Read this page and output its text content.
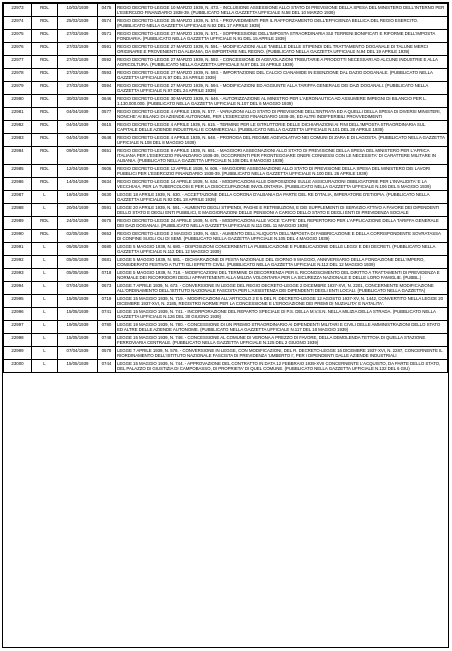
22973	RDL	10/03/1939	0475	REGIO DECRETO-LEGGE 10 MARZO 1939, N. 473. - INCLUSIONE ASSESSIONE ALLO STATO DI PREVISIONE DELLA SPESA DEL MINISTERO DELL'INTERNO PER L'ESERCIZIO FINANZIARIO 1938-39. (PUBBLICATO NELLA GAZZETTA UFFICIALE N.58 DEL 10 MARZO 1939)
22974	RDL	25/03/1939	0574	REGIO DECRETO-LEGGE 25 MARZO 1939, N. 574. - PROVVEDIMENTI PER IL RAFFORZAMENTO DELL'EFFICIENZA BELLICA DEL REGIO ESERCITO. (PUBBLICATO NELLA GAZZETTA UFFICIALE N.92 DEL 17 APRILE 1939)
22975	RDL	27/03/1939	0571	REGIO DECRETO-LEGGE 27 MARZO 1939, N. 571. - SOPPRESSIONE DELL'IMPOSTA STRAORDINARIA SUI TERRENI BONIFICATI E RIFORME DELL'IMPOSTA FONDIARIA. (PUBBLICATO NELLA GAZZETTA UFFICIALE N.91 DEL 15 APRILE 1939)
22976	RDL	27/03/1939	0591	REGIO DECRETO-LEGGE 27 MARZO 1939, N. 591. - MODIFICAZIONI ALLE TABELLE DELLE STIPENDI DEL TRATTAMENTO DOGANALE DI TALUNE MERCI ORIGINARIE E PROVENIENTI DA ALBANIA, DA IMPORTARE NEL REGNO. (PUBBLICATO NELLA GAZZETTA UFFICIALE N.94 DEL 19 APRILE 1939)
22977	RDL	27/03/1939	0592	REGIO DECRETO-LEGGE 27 MARZO 1939, N. 592. - CONCESSIONE DI AGEVOLAZIONI TRIBUTARIE A PRODOTTI NECESSARI AD ALCUNE INDUSTRIE E ALLA AGRICOLTURA. (PUBBLICATO NELLA GAZZETTA UFFICIALE N.97 DEL 24 APRILE 1939)
22978	RDL	27/03/1939	0593	REGIO DECRETO-LEGGE 27 MARZO 1939, N. 593. - IMPORTAZIONE DEL CALCIO CIANAMIDE IN ESENZIONE DAL DAZIO DOGANALE. (PUBBLICATO NELLA GAZZETTA UFFICIALE N.97 DEL 24 APRILE 1939)
22979	RDL	27/03/1939	0594	REGIO DECRETO-LEGGE 27 MARZO 1939, N. 594. - MODIFICAZIONI ED AGGIUNTE ALLA TARIFFA GENERALE DEI DAZI DOGANALI. (PUBBLICATO NELLA GAZZETTA UFFICIALE N.97 DEL 24 APRILE 1939)
22980	RDL	30/03/1939	0646	REGIO DECRETO-LEGGE 30 MARZO 1939, N. 646. - AUTORIZZAZIONE AL MINISTRO PER L'AERONAUTICA AD ASSUMERE IMPEGNI DI BILANCIO PER L. 1.130.000.000. (PUBBLICATO NELLA GAZZETTA UFFICIALE N.107 DEL 6 MAGGIO 1939)
22981	RDL	04/04/1939	0577	REGIO DECRETO-LEGGE 4 APRILE 1939, N. 577. - VARIAZIONI ALLO STATO DI PREVISIONE DELL'ENTRATA ED A QUELLI DELLA SPESA DI DIVERSI MINISTERI, NONCHE' AI BILANCI DI AZIENDE AUTONOME, PER L'ESERCIZIO FINANZIARIO 1938-39, ED ALTRI INDIFFERIBILI PROVVEDIMENTI
22982	RDL	04/04/1939	0615	REGIO DECRETO-LEGGE 4 APRILE 1939, N. 615. - TERMINE PER LE ISTRUTTORIE DELLE DICHIARAZIONI AI FINI DELL'IMPOSTA STRAORDINARIA SUL CAPITALE DELLE AZIENDE INDUSTRIALI E COMMERCIALI. (PUBBLICATO NELLA GAZZETTA UFFICIALE N.101 DEL 28 APRILE 1939)
22983	RDL	04/04/1939	0648	REGIO DECRETO-LEGGE 4 APRILE 1939, N. 648. - PROROGA DEL REGIME AGEVOLATIVO NEI COMUNI DI ZARA E DI LAGOSTA. (PUBBLICATO NELLA GAZZETTA UFFICIALE N.108 DEL 8 MAGGIO 1939)
22984	RDL	09/04/1939	0651	REGIO DECRETO-LEGGE 9 APRILE 1939, N. 651. - MAGGIORI ASSEGNAZIONI ALLO STATO DI PREVISIONE DELLA SPESA DEL MINISTERO PER L'AFRICA ITALIANA PER L'ESERCIZIO FINANZIARIO 1938-39, OCCORRENTI PER FRONTEGGIARE ONERI CONNESSI CON LE NECESSITA' DI CARATTERE MILITARE IN ALBANIA. (PUBBLICATO NELLA GAZZETTA UFFICIALE N.108 DEL 8 MAGGIO 1939)
22985	RDL	12/04/1939	0606	REGIO DECRETO-LEGGE 12 APRILE 1939, N. 606. - MAGGIORE ASSEGNAZIONE ALLO STATO DI PREVISIONE DELLA SPESA DEL MINISTERO DEI LAVORI PUBBLICI PER L'ESERCIZIO FINANZIARIO 1938-39. (PUBBLICATO NELLA GAZZETTA UFFICIALE N.100 DEL 26 APRILE 1939)
22986	RDL	14/04/1939	0634	REGIO DECRETO-LEGGE 14 APRILE 1939, N. 634. - MODIFICAZIONI ALLE DISPOSIZIONI SULLE ASSICURAZIONI OBBLIGATORIE PER L'INVALIDITA' E LA VECCHIAIA, PER LA TUBERCOLOSI E PER LA DISOCCUPAZIONE INVOLONTARIA. (PUBBLICATO NELLA GAZZETTA UFFICIALE N.106 DEL 5 MAGGIO 1939)
22987	L	18/04/1939	0630	LEGGE 18 APRILE 1939, N. 630. - ACCETTAZIONE DELLA CORONA D'ALBANIA DA PARTE DEL RE D'ITALIA, IMPERATORE D'ETIOPIA. (PUBBLICATO NELLA GAZZETTA UFFICIALE N.92 DEL 18 APRILE 1939)
22988	L	20/04/1939	0591	LEGGE 20 APRILE 1939, N. 591. - AUMENTO DEGLI STIPENDI, PAGHE E RETRIBUZIONI, E DEI SUPPLEMENTI DI SERVIZIO ATTIVO A FAVORE DEI DIPENDENTI DELLO STATO E DEGLI ENTI PUBBLICI, E MAGGIORAZIONI DELLE PENSIONI A CARICO DELLO STATO E DEGLI ENTI DI PREVIDENZA SOCIALE
22989	RDL	24/04/1939	0675	REGIO DECRETO-LEGGE 24 APRILE 1939, N. 675. - MODIFICAZIONI ALLE VOCE 'CAFFE' DEL REPERTORIO PER L'APPLICAZIONE DELLA TARIFFA GENERALE DEI DAZI DOGANALI. (PUBBLICATO NELLA GAZZETTA UFFICIALE N.111 DEL 11 MAGGIO 1939)
22990	RDL	02/05/1939	0653	REGIO DECRETO-LEGGE 2 MAGGIO 1939, N. 653. - AUMENTO DELL'ALIQUOTA DELL'IMPOSTA DI FABBRICAZIONE E DELLA CORRISPONDENTE SOVRATASSA DI CONFINE SUGLI OLI DI SEMI. (PUBBLICATO NELLA GAZZETTA UFFICIALE N.105 DEL 4 MAGGIO 1939)
22991	L	05/05/1939	0680	LEGGE 5 MAGGIO 1939, N. 680. - DISPOSIZIONI CONCERNENTI LA PUBBLICAZIONE E PUBBLICAZIONE DELLE LEGGI E DEI DECRETI. (PUBBLICATO NELLA GAZZETTA UFFICIALE N.112 DEL 12 MAGGIO 1939)
22992	L	05/05/1939	0681	LEGGE 5 MAGGIO 1939, N. 681. - DICHIARAZIONE DI FESTA NAZIONALE DEL GIORNO 9 MAGGIO, ANNIVERSARIO DELLA FONDAZIONE DELL'IMPERO, CONSIDERATO FESTIVO A TUTTI GLI EFFETTI CIVILI. (PUBBLICATO NELLA GAZZETTA UFFICIALE N.112 DEL 12 MAGGIO 1939)
22993	L	05/05/1939	0718	LEGGE 5 MAGGIO 1939, N. 718. - MODIFICAZIONI DEL TERMINE DI DECORRENZA PER IL RICONOSCIMENTO DEL DIRITTO A TRATTAMENTI DI PREVIDENZA E NORMALE DEI RICORRIDORI DEGLI APPARTENENTI ALLA MILIZIA VOLONTARIA PER LA SICUREZZA NAZIONALE E DELLE LORO FAMIGLIE. (PUBBL.)
22994	L	07/04/1939	0673	LEGGE 7 APRILE 1939, N. 673. - CONVERSIONE IN LEGGE DEL REGIO DECRETO-LEGGE 2 DICEMBRE 1937-XVI, N. 2201, CONCERNENTE MODIFICAZIONE ALL'ORDINAMENTO DELL'ISTITUTO NAZIONALE FASCISTA PER L'ASSISTENZA DEI DIPENDENTI DEGLI ENTI LOCALI. (PUBBLICATO NELLA GAZZETTA)
22995	L	15/05/1939	0719	LEGGE 15 MAGGIO 1939, N. 719. - MODIFICAZIONI ALL'ARTICOLO 2 E 5 DEL R. DECRETO-LEGGE 12 AGOSTO 1937-XV, N. 1442, CONVERTITO NELLA LEGGE 20 DICEMBRE 1937-XVI, N. 2185, REGISTRO NORME PER LA CONCESSIONE E L'EROGAZIONE DEI PREMI DI NUZIALITA' E NATALITA'.
22996	L	15/05/1939	0741	LEGGE 15 MAGGIO 1939, N. 741. - INCORPORAZIONE DEL REPARTO SPECIALE DI P.S. DELLA M.V.S.N. NELLA MILIZIA DELLA STRADA. (PUBBLICATO NELLA GAZZETTA UFFICIALE N.126 DEL 30 GIUGNO 1939)
22997	L	19/05/1939	0780	LEGGE 19 MAGGIO 1939, N. 780. - CONCESSIONE DI UN PREMIO STRAORDINARIO AI DIPENDENTI MILITARI E CIVILI DELLE AMMINISTRAZIONI DELLO STATO ED ALTRE DELLE AZIENDE AUTONOME. (PUBBLICATO NELLA GAZZETTA UFFICIALE N.117 DEL 18 MAGGIO 1939)
22998	L	15/05/1939	0748	LEGGE 15 MAGGIO 1939, N. 748. - CONCESSIONE AL COMUNE DI VERONA A PREZZO DI FAVORE, DELLA DEMOLENDA TETTOIA DI QUELLA STAZIONE FERROVIARIA CENTRALE. (PUBBLICATO NELLA GAZZETTA UFFICIALE N.125 DEL 2 GIUGNO 1939)
22999	L	07/04/1939	0578	LEGGE 7 APRILE 1939, N. 578. - CONVERSIONE IN LEGGE, CON MODIFICAZIONI, DEL R. DECRETO-LEGGE 16 DICEMBRE 1937-XVI, N. 2287, CONCERNENTE IL RIORDINAMENTO DELL'ISTITUTO NAZIONALE FASCISTA DI PREVIDENZA 'UMBERTO I', PER I DIPENDENTI DALLE AZIENDE INDUSTRIALI
23000	L	15/05/1939	0744	LEGGE 15 MAGGIO 1939, N. 744. - APPROVAZIONE DEL CONTRATTO IN DATA 12 FEBBRAIO 1939-XVII CONCERNENTE L'ACQUISTO, DA PARTE DELLO STATO, DEL PALAZZO DI GIUSTIZIA DI CAMPOBASSO, DI PROPRIETA' DI QUEL COMUNE. (PUBBLICATO NELLA GAZZETTA UFFICIALE N.132 DEL 6 GIU)
